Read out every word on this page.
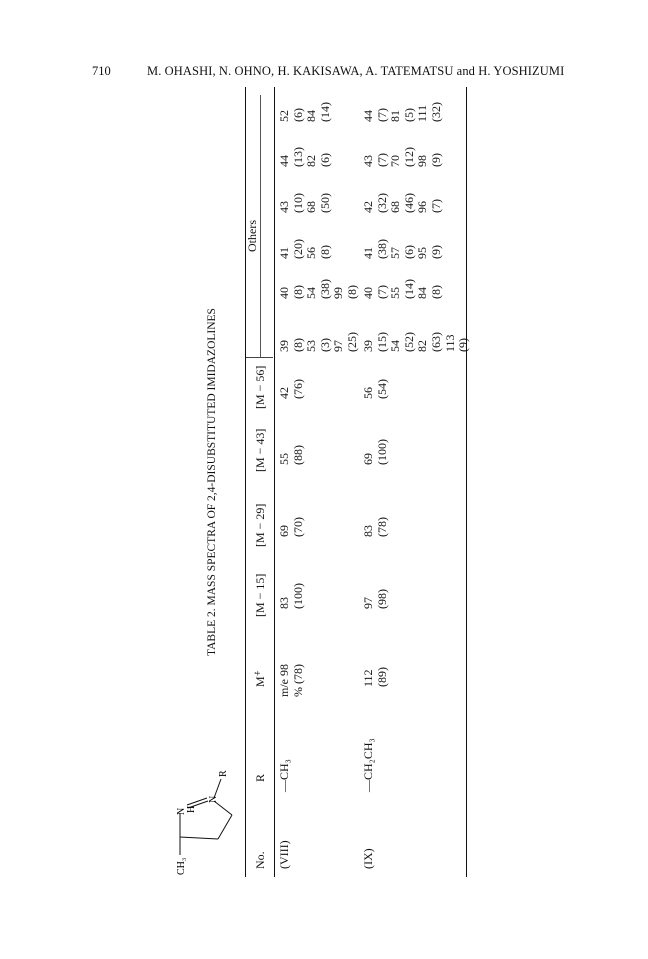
710	M. OHASHI, N. OHNO, H. KAKISAWA, A. TATEMATSU and H. YOSHIZUMI
CH₃
N H
N
R
TABLE 2. MASS SPECTRA OF 2,4-DISUBSTITUTED IMIDAZOLINES
No.
R
M⁺̇
[M − 15]
[M − 29]
[M − 43]
[M − 56]
Others
(VIII)
—CH₃
m/e 98 % (78)
83 (100)
69 (70)
55 (88)
42 (76)
39 (8) 53 (3) 97 (25)
40 (8) 54 (38) 99 (8)
41 (20) 56 (8)
43 (10) 68 (50)
44 (13) 82 (6)
52 (6) 84 (14)
(IX)
—CH₂CH₃
112 (89)
97 (98)
83 (78)
69 (100)
56 (54)
39 (15) 54 (52) 82 (63) 113 (9)
40 (7) 55 (14) 84 (8)
41 (38) 57 (6) 95 (9)
42 (32) 68 (46) 96 (7)
43 (7) 70 (12) 98 (9)
44 (7) 81 (5) 111 (32)
